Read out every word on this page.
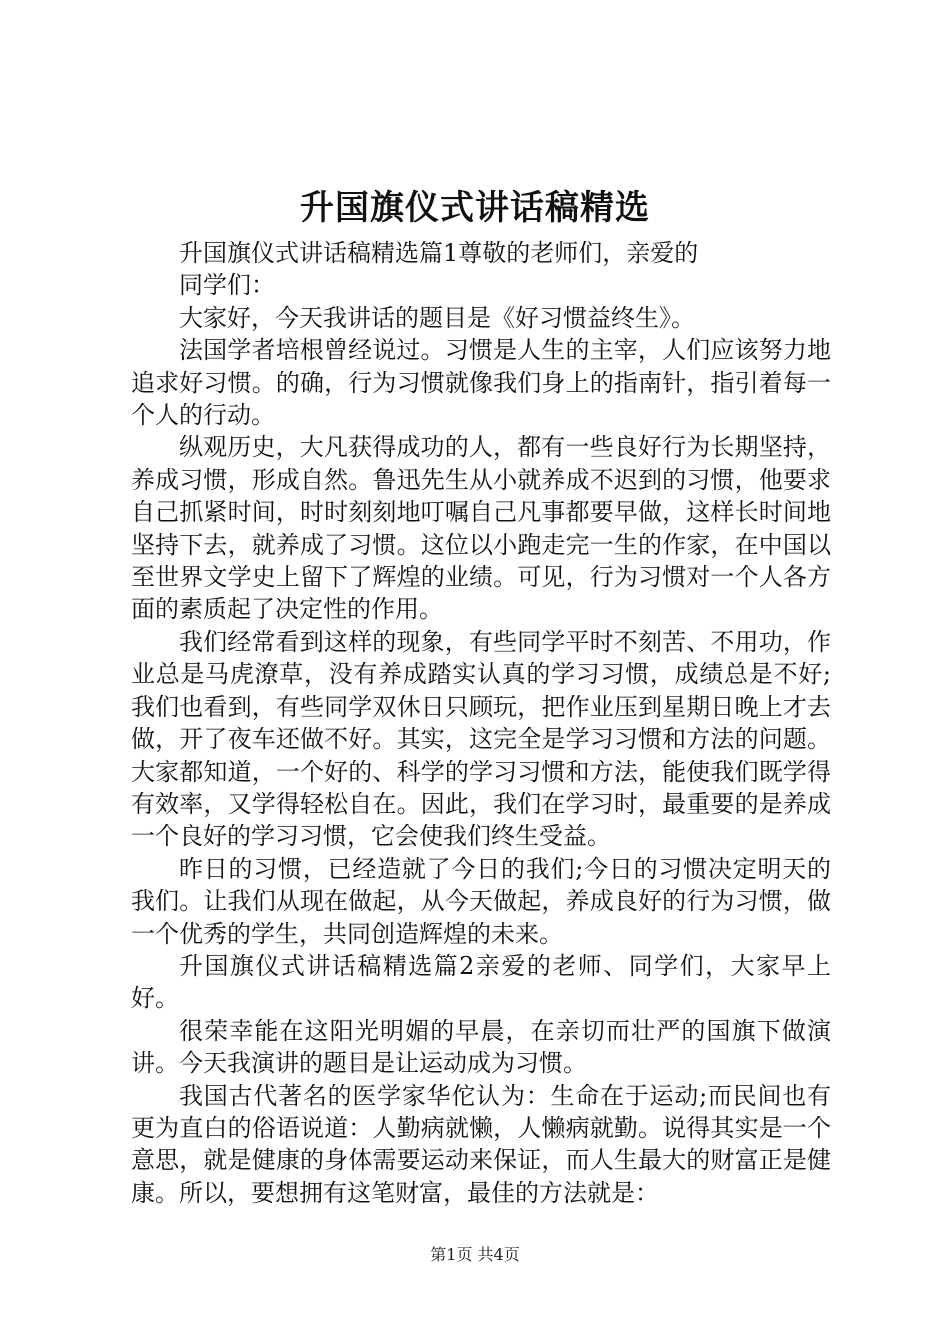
升国旗仪式讲话稿精选

升国旗仪式讲话稿精选篇1尊敬的老师们，亲爱的

同学们：

大家好，今天我讲话的题目是《好习惯益终生》。

法国学者培根曾经说过。习惯是人生的主宰，人们应该努力地追求好习惯。的确，行为习惯就像我们身上的指南针，指引着每一个人的行动。

纵观历史，大凡获得成功的人，都有一些良好行为长期坚持，养成习惯，形成自然。鲁迅先生从小就养成不迟到的习惯，他要求自己抓紧时间，时时刻刻地叮嘱自己凡事都要早做，这样长时间地坚持下去，就养成了习惯。这位以小跑走完一生的作家，在中国以至世界文学史上留下了辉煌的业绩。可见，行为习惯对一个人各方面的素质起了决定性的作用。

我们经常看到这样的现象，有些同学平时不刻苦、不用功，作业总是马虎潦草，没有养成踏实认真的学习习惯，成绩总是不好;我们也看到，有些同学双休日只顾玩，把作业压到星期日晚上才去做，开了夜车还做不好。其实，这完全是学习习惯和方法的问题。大家都知道，一个好的、科学的学习习惯和方法，能使我们既学得有效率，又学得轻松自在。因此，我们在学习时，最重要的是养成一个良好的学习习惯，它会使我们终生受益。

昨日的习惯，已经造就了今日的我们;今日的习惯决定明天的我们。让我们从现在做起，从今天做起，养成良好的行为习惯，做一个优秀的学生，共同创造辉煌的未来。

升国旗仪式讲话稿精选篇2亲爱的老师、同学们，大家早上好。

很荣幸能在这阳光明媚的早晨，在亲切而壮严的国旗下做演讲。今天我演讲的题目是让运动成为习惯。

我国古代著名的医学家华佗认为：生命在于运动;而民间也有更为直白的俗语说道：人勤病就懒，人懒病就勤。说得其实是一个意思，就是健康的身体需要运动来保证，而人生最大的财富正是健康。所以，要想拥有这笔财富，最佳的方法就是：

第1页 共4页
